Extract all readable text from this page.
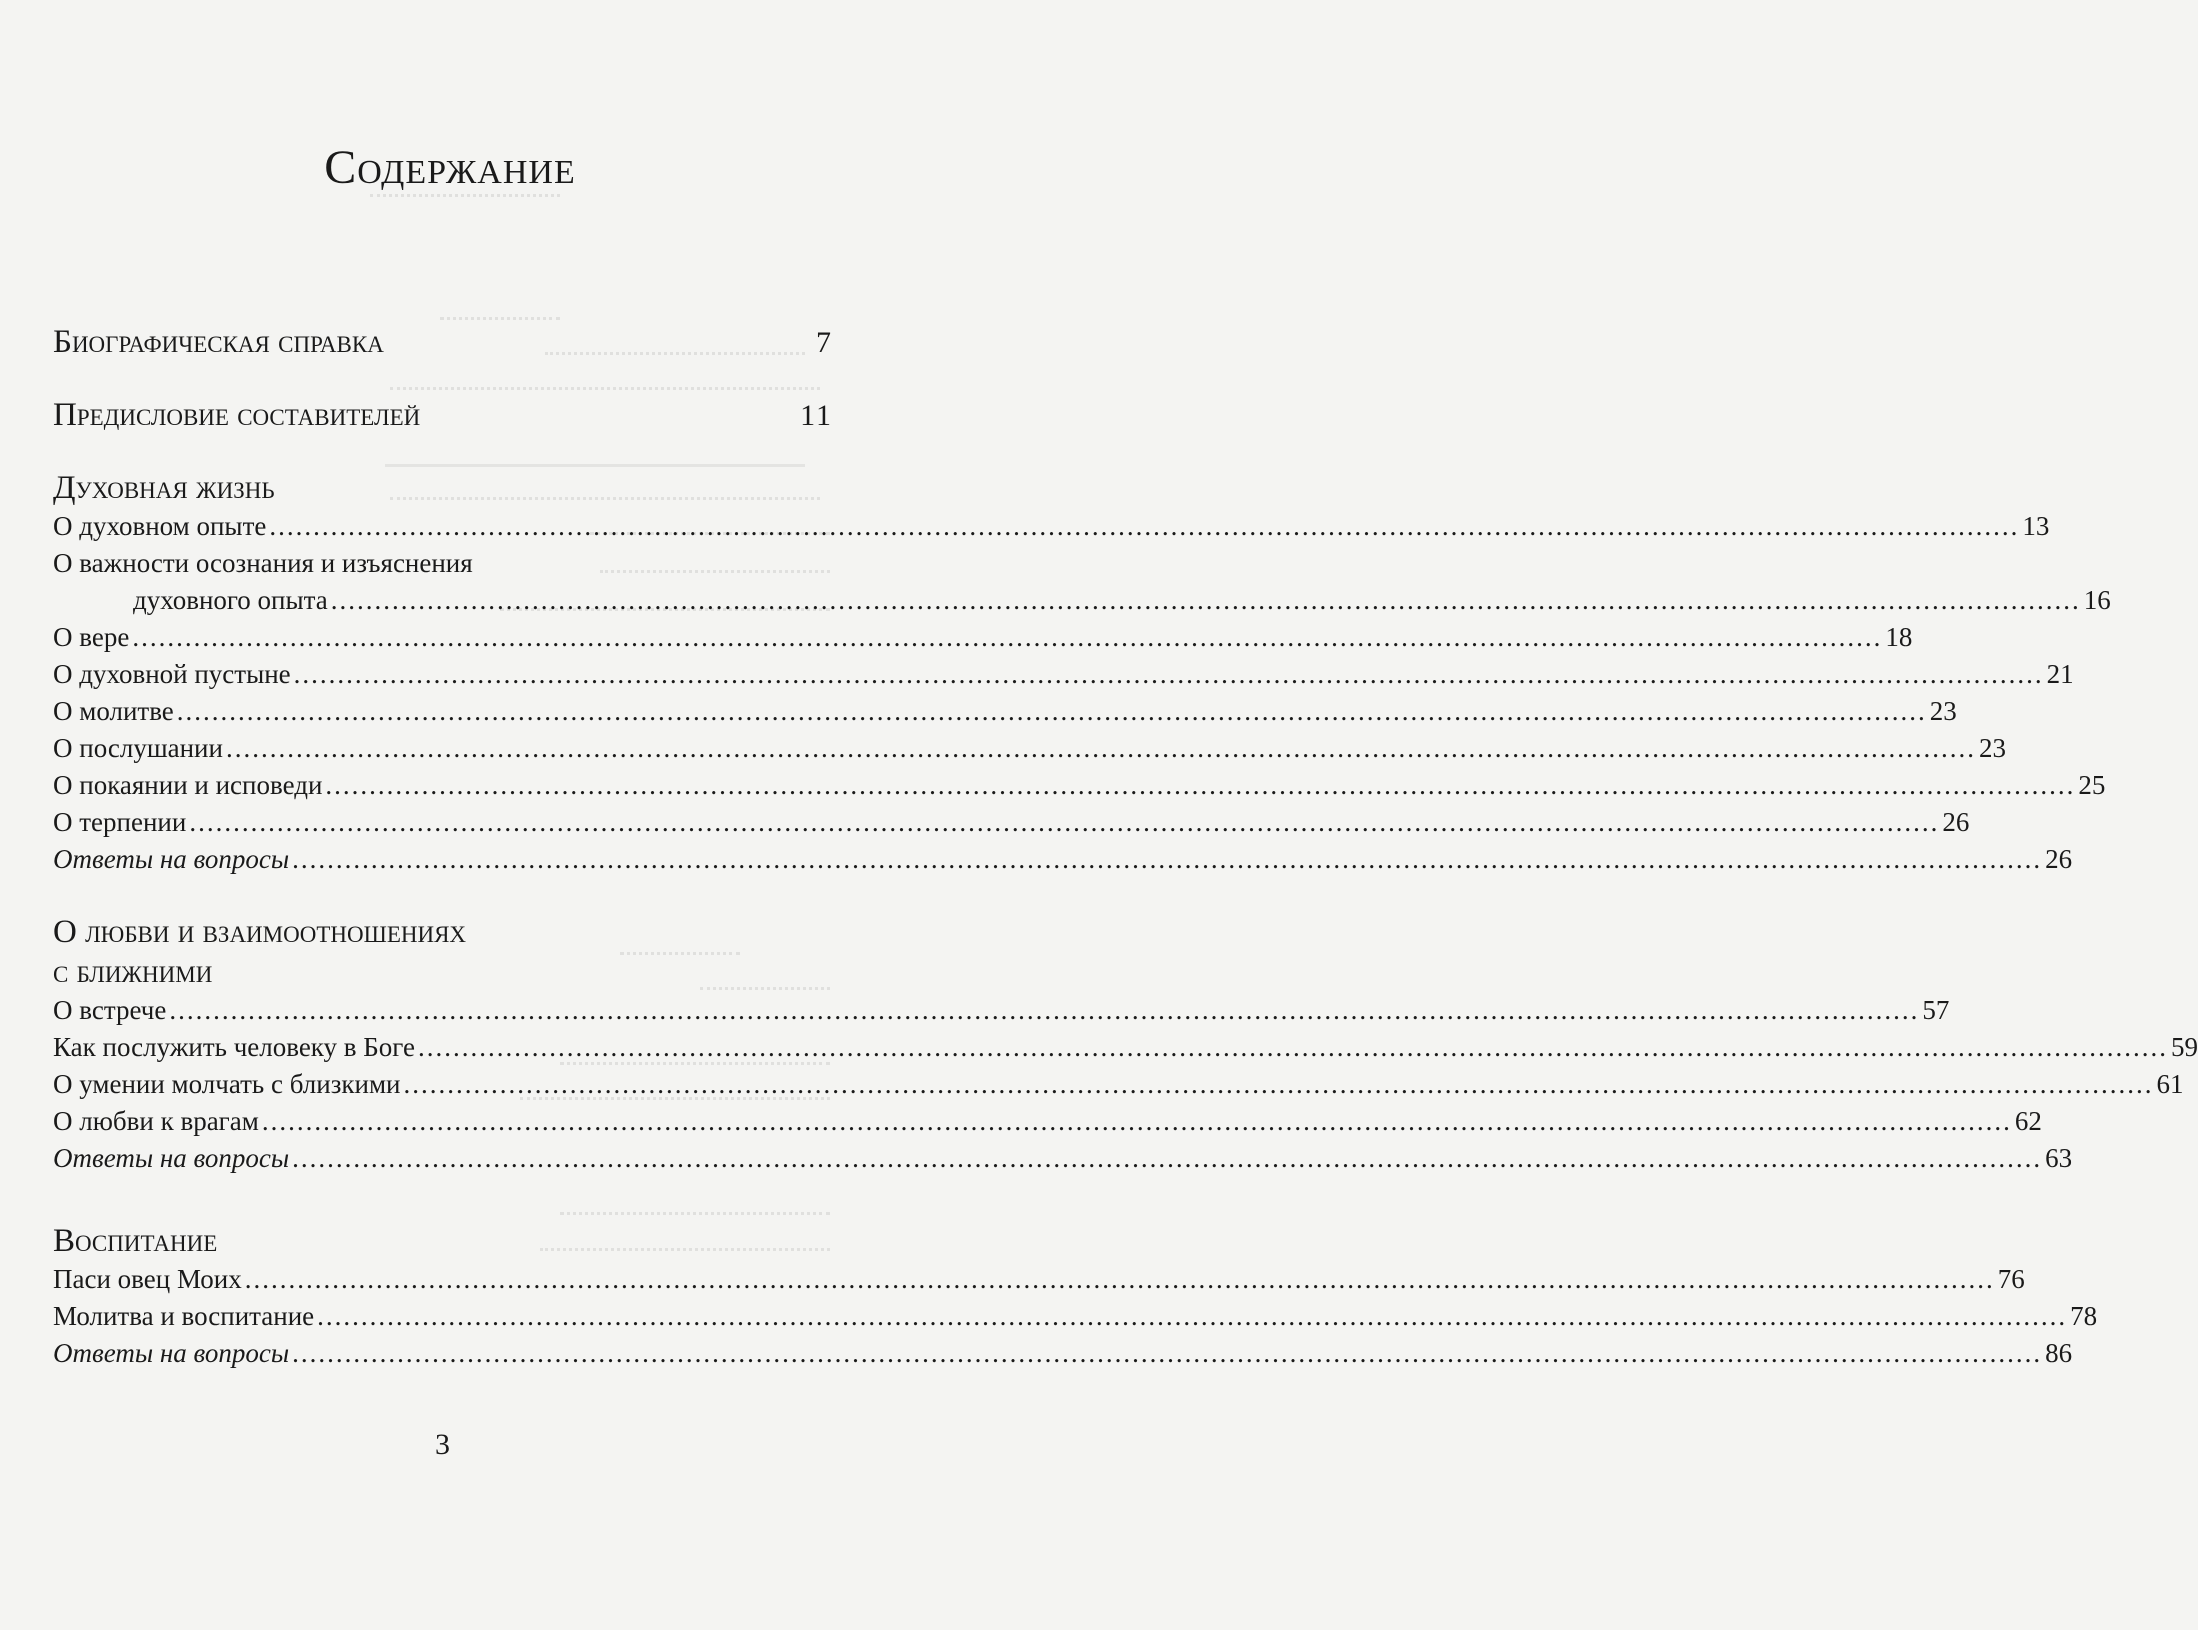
Содержание
Биографическая справка	7
Предисловие составителей	11
Духовная жизнь
О духовном опыте ........................................................................................................................................................................................................ 13
О важности осознания и изъяснения
духовного опыта ........................................................................................................................................................................................................ 16
О вере ........................................................................................................................................................................................................ 18
О духовной пустыне ........................................................................................................................................................................................................ 21
О молитве ........................................................................................................................................................................................................ 23
О послушании ........................................................................................................................................................................................................ 23
О покаянии и исповеди ........................................................................................................................................................................................................ 25
О терпении ........................................................................................................................................................................................................ 26
Ответы на вопросы ........................................................................................................................................................................................................ 26
О любви и взаимоотношениях
с ближними
О встрече ........................................................................................................................................................................................................ 57
Как послужить человеку в Боге ........................................................................................................................................................................................................ 59
О умении молчать с близкими ........................................................................................................................................................................................................ 61
О любви к врагам ........................................................................................................................................................................................................ 62
Ответы на вопросы ........................................................................................................................................................................................................ 63
Воспитание
Паси овец Моих ........................................................................................................................................................................................................ 76
Молитва и воспитание ........................................................................................................................................................................................................ 78
Ответы на вопросы ........................................................................................................................................................................................................ 86
3
